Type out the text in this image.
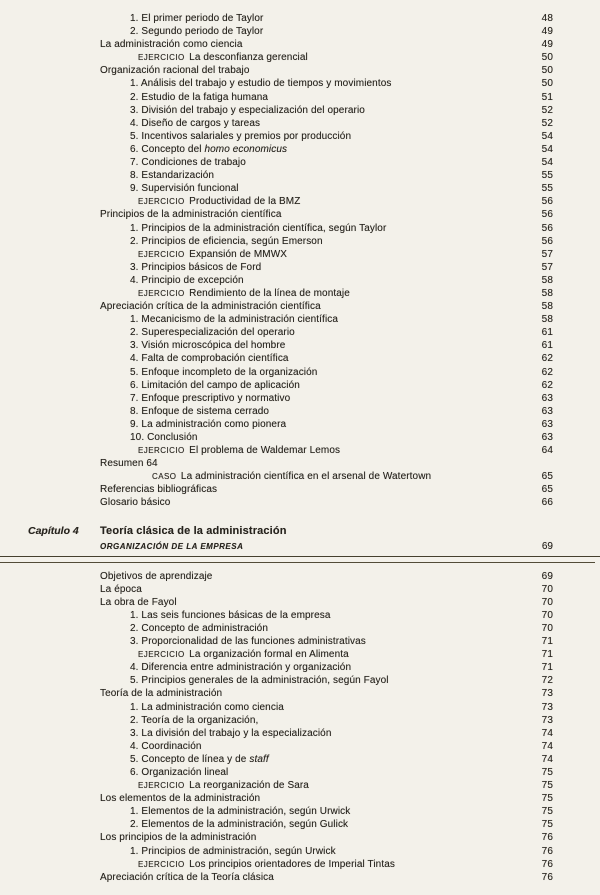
1. El primer periodo de Taylor	48
2. Segundo periodo de Taylor	49
La administración como ciencia	49
EJERCICIO La desconfianza gerencial	50
Organización racional del trabajo	50
1. Análisis del trabajo y estudio de tiempos y movimientos	50
2. Estudio de la fatiga humana	51
3. División del trabajo y especialización del operario	52
4. Diseño de cargos y tareas	52
5. Incentivos salariales y premios por producción	54
6. Concepto del homo economicus	54
7. Condiciones de trabajo	54
8. Estandarización	55
9. Supervisión funcional	55
EJERCICIO Productividad de la BMZ	56
Principios de la administración científica	56
1. Principios de la administración científica, según Taylor	56
2. Principios de eficiencia, según Emerson	56
EJERCICIO Expansión de MMWX	57
3. Principios básicos de Ford	57
4. Principio de excepción	58
EJERCICIO Rendimiento de la línea de montaje	58
Apreciación crítica de la administración científica	58
1. Mecanicismo de la administración científica	58
2. Superespecialización del operario	61
3. Visión microscópica del hombre	61
4. Falta de comprobación científica	62
5. Enfoque incompleto de la organización	62
6. Limitación del campo de aplicación	62
7. Enfoque prescriptivo y normativo	63
8. Enfoque de sistema cerrado	63
9. La administración como pionera	63
10. Conclusión	63
EJERCICIO El problema de Waldemar Lemos	64
Resumen 64
CASO La administración científica en el arsenal de Watertown	65
Referencias bibliográficas	65
Glosario básico	66
Capítulo 4	Teoría clásica de la administración
ORGANIZACIÓN DE LA EMPRESA	69
Objetivos de aprendizaje	69
La época	70
La obra de Fayol	70
1. Las seis funciones básicas de la empresa	70
2. Concepto de administración	70
3. Proporcionalidad de las funciones administrativas	71
EJERCICIO La organización formal en Alimenta	71
4. Diferencia entre administración y organización	71
5. Principios generales de la administración, según Fayol	72
Teoría de la administración	73
1. La administración como ciencia	73
2. Teoría de la organización,	73
3. La división del trabajo y la especialización	74
4. Coordinación	74
5. Concepto de línea y de staff	74
6. Organización lineal	75
EJERCICIO La reorganización de Sara	75
Los elementos de la administración	75
1. Elementos de la administración, según Urwick	75
2. Elementos de la administración, según Gulick	75
Los principios de la administración	76
1. Principios de administración, según Urwick	76
EJERCICIO Los principios orientadores de Imperial Tintas	76
Apreciación crítica de la Teoría clásica	76
